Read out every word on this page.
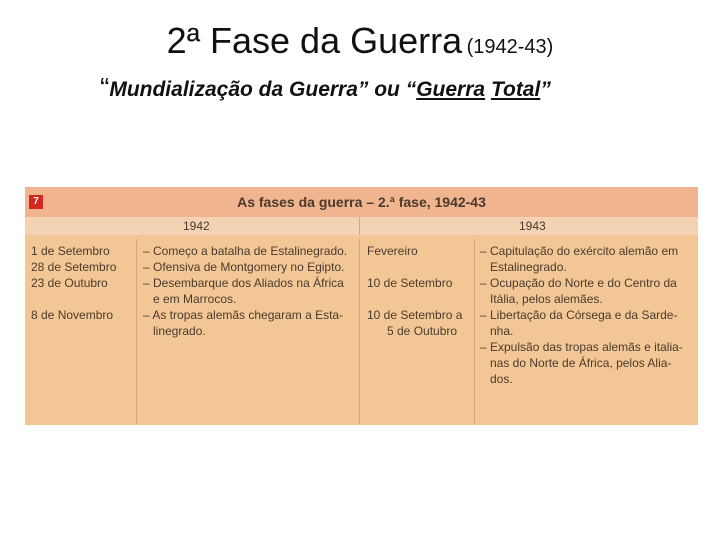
2ª Fase da Guerra (1942-43)
“Mundialização da Guerra” ou “Guerra Total”
7	As fases da guerra – 2.ª fase, 1942-43
1942	1943
1 de Setembro
28 de Setembro
23 de Outubro

8 de Novembro
– Começo a batalha de Estalinegrado.
– Ofensiva de Montgomery no Egipto.
– Desembarque dos Aliados na África
e em Marrocos.
– As tropas alemãs chegaram a Esta-
linegrado.
Fevereiro

10 de Setembro

10 de Setembro a
5 de Outubro
– Capitulação do exército alemão em
Estalinegrado.
– Ocupação do Norte e do Centro da
Itália, pelos alemães.
– Libertação da Córsega e da Sarde-
nha.
– Expulsão das tropas alemãs e italia-
nas do Norte de África, pelos Alia-
dos.
